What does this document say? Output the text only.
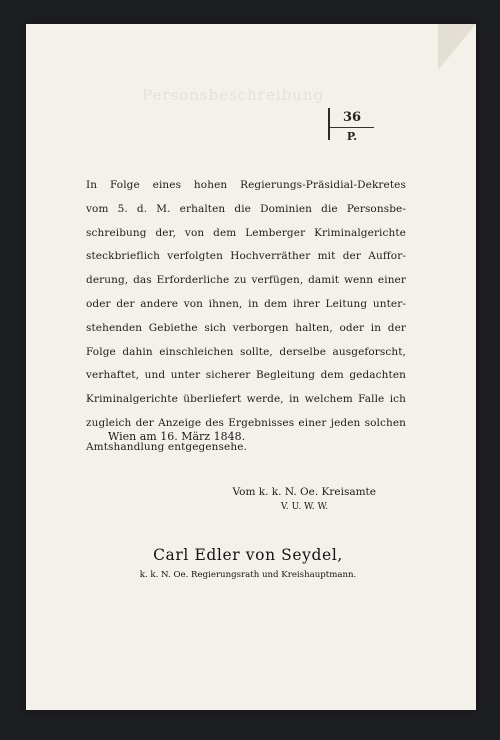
Personsbeschreibung
36
P.
In Folge eines hohen Regierungs-Präsidial-Dekretes
vom 5. d. M. erhalten die Dominien die Personsbe-
schreibung der, von dem Lemberger Kriminalgerichte
steckbrieflich verfolgten Hochverräther mit der Auffor-
derung, das Erforderliche zu verfügen, damit wenn einer
oder der andere von ihnen, in dem ihrer Leitung unter-
stehenden Gebiethe sich verborgen halten, oder in der
Folge dahin einschleichen sollte, derselbe ausgeforscht,
verhaftet, und unter sicherer Begleitung dem gedachten
Kriminalgerichte überliefert werde, in welchem Falle ich
zugleich der Anzeige des Ergebnisses einer jeden solchen
Amtshandlung entgegensehe.
Wien am 16. März 1848.
Vom k. k. N. Oe. Kreisamte
V. U. W. W.
Carl Edler von Seydel,
k. k. N. Oe. Regierungsrath und Kreishauptmann.
